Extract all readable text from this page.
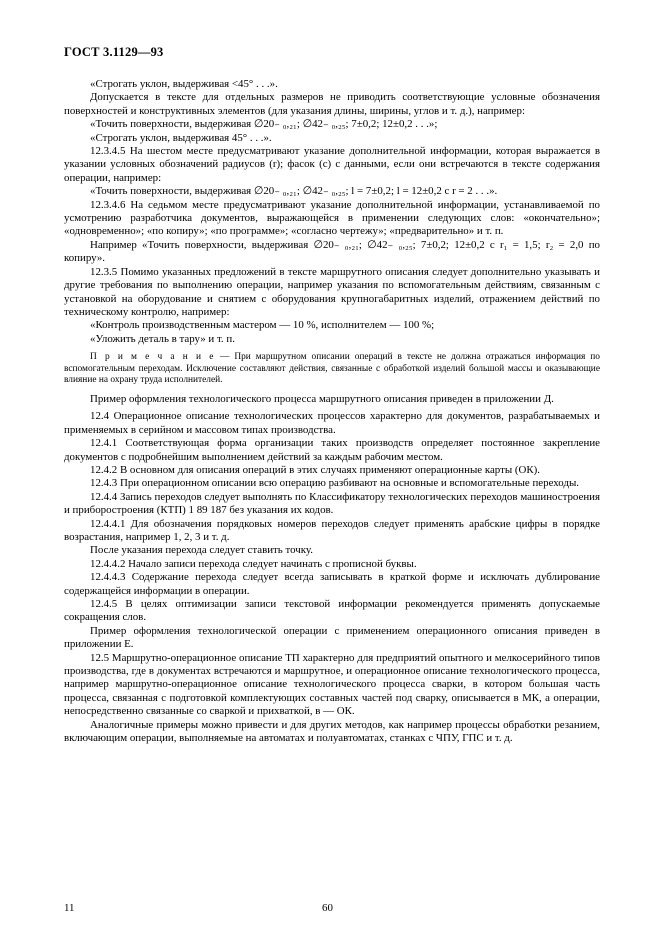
ГОСТ 3.1129—93

«Строгать уклон, выдерживая <45° . . .».

Допускается в тексте для отдельных размеров не приводить соответствующие условные обозначения поверхностей и конструктивных элементов (для указания длины, ширины, углов и т. д.), например:

«Точить поверхности, выдерживая ∅20₋ ₀,₂₁; ∅42₋ ₀,₂₅; 7±0,2; 12±0,2 . . .»;

«Строгать уклон, выдерживая 45° . . .».

12.3.4.5 На шестом месте предусматривают указание дополнительной информации, которая выражается в указании условных обозначений радиусов (r); фасок (c) с данными, если они встречаются в тексте содержания операции, например:

«Точить поверхности, выдерживая ∅20₋ ₀,₂₁; ∅42₋ ₀,₂₅; l = 7±0,2; l = 12±0,2 с r = 2 . . .».

12.3.4.6 На седьмом месте предусматривают указание дополнительной информации, устанавливаемой по усмотрению разработчика документов, выражающейся в применении следующих слов: «окончательно»; «одновременно»; «по копиру»; «по программе»; «согласно чертежу»; «предварительно» и т. п.

Например «Точить поверхности, выдерживая ∅20₋ ₀,₂₁; ∅42₋ ₀,₂₅; 7±0,2; 12±0,2 с r₁ = 1,5; r₂ = 2,0 по копиру».

12.3.5 Помимо указанных предложений в тексте маршрутного описания следует дополнительно указывать и другие требования по выполнению операции, например указания по вспомогательным действиям, связанным с установкой на оборудование и снятием с оборудования крупногабаритных изделий, отражением действий по техническому контролю, например:

«Контроль производственным мастером — 10 %, исполнителем — 100 %;

«Уложить деталь в тару» и т. п.

П р и м е ч а н и е — При маршрутном описании операций в тексте не должна отражаться информация по вспомогательным переходам. Исключение составляют действия, связанные с обработкой изделий большой массы и оказывающие влияние на охрану труда исполнителей.

Пример оформления технологического процесса маршрутного описания приведен в приложении Д.

12.4 Операционное описание технологических процессов характерно для документов, разрабатываемых и применяемых в серийном и массовом типах производства.

12.4.1 Соответствующая форма организации таких производств определяет постоянное закрепление документов с подробнейшим выполнением действий за каждым рабочим местом.

12.4.2 В основном для описания операций в этих случаях применяют операционные карты (ОК).

12.4.3 При операционном описании всю операцию разбивают на основные и вспомогательные переходы.

12.4.4 Запись переходов следует выполнять по Классификатору технологических переходов машиностроения и приборостроения (КТП) 1 89 187 без указания их кодов.

12.4.4.1 Для обозначения порядковых номеров переходов следует применять арабские цифры в порядке возрастания, например 1, 2, 3 и т. д.

После указания перехода следует ставить точку.

12.4.4.2 Начало записи перехода следует начинать с прописной буквы.

12.4.4.3 Содержание перехода следует всегда записывать в краткой форме и исключать дублирование содержащейся информации в операции.

12.4.5 В целях оптимизации записи текстовой информации рекомендуется применять допускаемые сокращения слов.

Пример оформления технологической операции с применением операционного описания приведен в приложении Е.

12.5 Маршрутно-операционное описание ТП характерно для предприятий опытного и мелкосерийного типов производства, где в документах встречаются и маршрутное, и операционное описание технологического процесса, например маршрутно-операционное описание технологического процесса сварки, в котором большая часть процесса, связанная с подготовкой комплектующих составных частей под сварку, описывается в МК, а операции, непосредственно связанные со сваркой и прихваткой, в — ОК.

Аналогичные примеры можно привести и для других методов, как например процессы обработки резанием, включающим операции, выполняемые на автоматах и полуавтоматах, станках с ЧПУ, ГПС и т. д.

11	60
